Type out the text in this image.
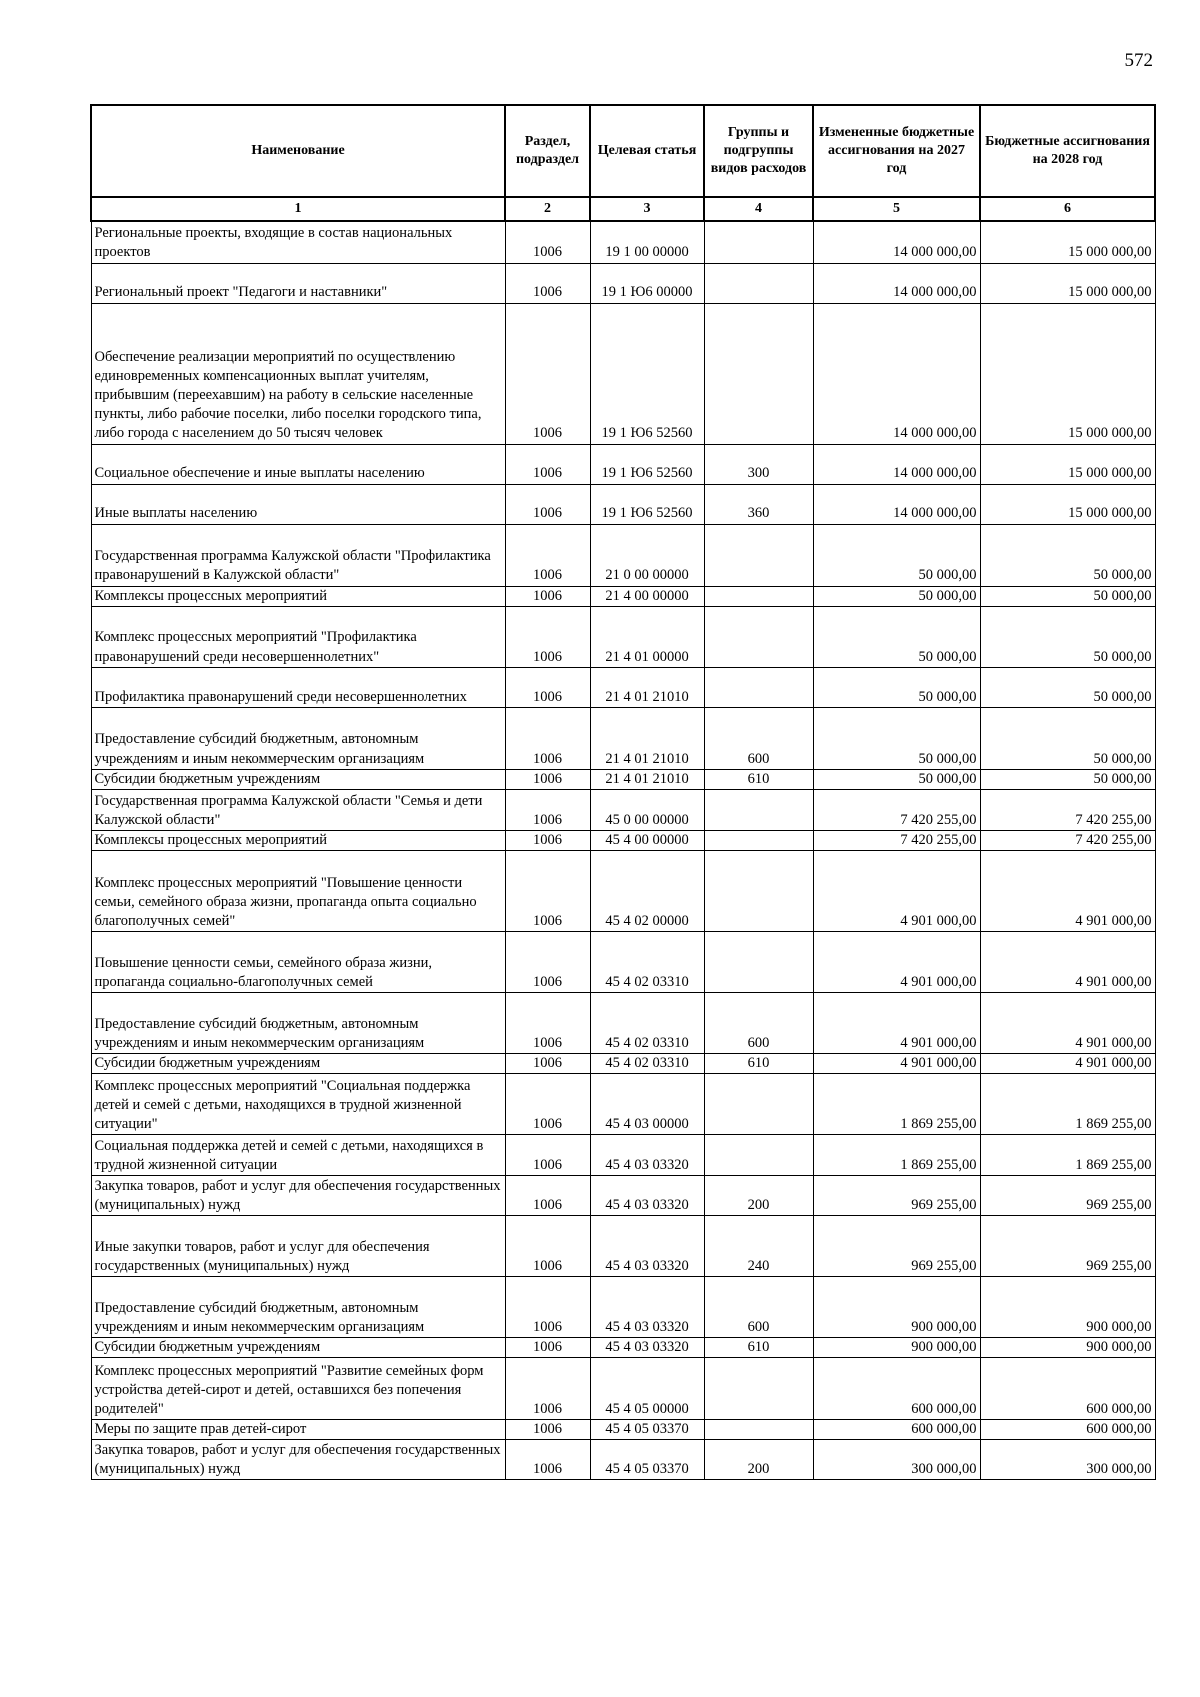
572
Наименование	Раздел, подраздел	Целевая статья	Группы и подгруппы видов расходов	Измененные бюджетные ассигнования на 2027 год	Бюджетные ассигнования на 2028 год
1	2	3	4	5	6
Региональные проекты, входящие в состав национальных проектов	1006	19 1 00 00000		14 000 000,00	15 000 000,00
Региональный проект "Педагоги и наставники"	1006	19 1 Ю6 00000		14 000 000,00	15 000 000,00
Обеспечение реализации мероприятий по осуществлению единовременных компенсационных выплат учителям, прибывшим (переехавшим) на работу в сельские населенные пункты, либо рабочие поселки, либо поселки городского типа, либо города с населением до 50 тысяч человек	1006	19 1 Ю6 52560		14 000 000,00	15 000 000,00
Социальное обеспечение и иные выплаты населению	1006	19 1 Ю6 52560	300	14 000 000,00	15 000 000,00
Иные выплаты населению	1006	19 1 Ю6 52560	360	14 000 000,00	15 000 000,00
Государственная программа Калужской области "Профилактика правонарушений в Калужской области"	1006	21 0 00 00000		50 000,00	50 000,00
Комплексы процессных мероприятий	1006	21 4 00 00000		50 000,00	50 000,00
Комплекс процессных мероприятий "Профилактика правонарушений среди несовершеннолетних"	1006	21 4 01 00000		50 000,00	50 000,00
Профилактика правонарушений среди несовершеннолетних	1006	21 4 01 21010		50 000,00	50 000,00
Предоставление субсидий бюджетным, автономным учреждениям и иным некоммерческим организациям	1006	21 4 01 21010	600	50 000,00	50 000,00
Субсидии бюджетным учреждениям	1006	21 4 01 21010	610	50 000,00	50 000,00
Государственная программа Калужской области "Семья и дети Калужской области"	1006	45 0 00 00000		7 420 255,00	7 420 255,00
Комплексы процессных мероприятий	1006	45 4 00 00000		7 420 255,00	7 420 255,00
Комплекс процессных мероприятий "Повышение ценности семьи, семейного образа жизни, пропаганда опыта социально благополучных семей"	1006	45 4 02 00000		4 901 000,00	4 901 000,00
Повышение ценности семьи, семейного образа жизни, пропаганда социально-благополучных семей	1006	45 4 02 03310		4 901 000,00	4 901 000,00
Предоставление субсидий бюджетным, автономным учреждениям и иным некоммерческим организациям	1006	45 4 02 03310	600	4 901 000,00	4 901 000,00
Субсидии бюджетным учреждениям	1006	45 4 02 03310	610	4 901 000,00	4 901 000,00
Комплекс процессных мероприятий "Социальная поддержка детей и семей с детьми, находящихся в трудной жизненной ситуации"	1006	45 4 03 00000		1 869 255,00	1 869 255,00
Социальная поддержка детей и семей с детьми, находящихся в трудной жизненной ситуации	1006	45 4 03 03320		1 869 255,00	1 869 255,00
Закупка товаров, работ и услуг для обеспечения государственных (муниципальных) нужд	1006	45 4 03 03320	200	969 255,00	969 255,00
Иные закупки товаров, работ и услуг для обеспечения государственных (муниципальных) нужд	1006	45 4 03 03320	240	969 255,00	969 255,00
Предоставление субсидий бюджетным, автономным учреждениям и иным некоммерческим организациям	1006	45 4 03 03320	600	900 000,00	900 000,00
Субсидии бюджетным учреждениям	1006	45 4 03 03320	610	900 000,00	900 000,00
Комплекс процессных мероприятий "Развитие семейных форм устройства детей-сирот и детей, оставшихся без попечения родителей"	1006	45 4 05 00000		600 000,00	600 000,00
Меры по защите прав детей-сирот	1006	45 4 05 03370		600 000,00	600 000,00
Закупка товаров, работ и услуг для обеспечения государственных (муниципальных) нужд	1006	45 4 05 03370	200	300 000,00	300 000,00
